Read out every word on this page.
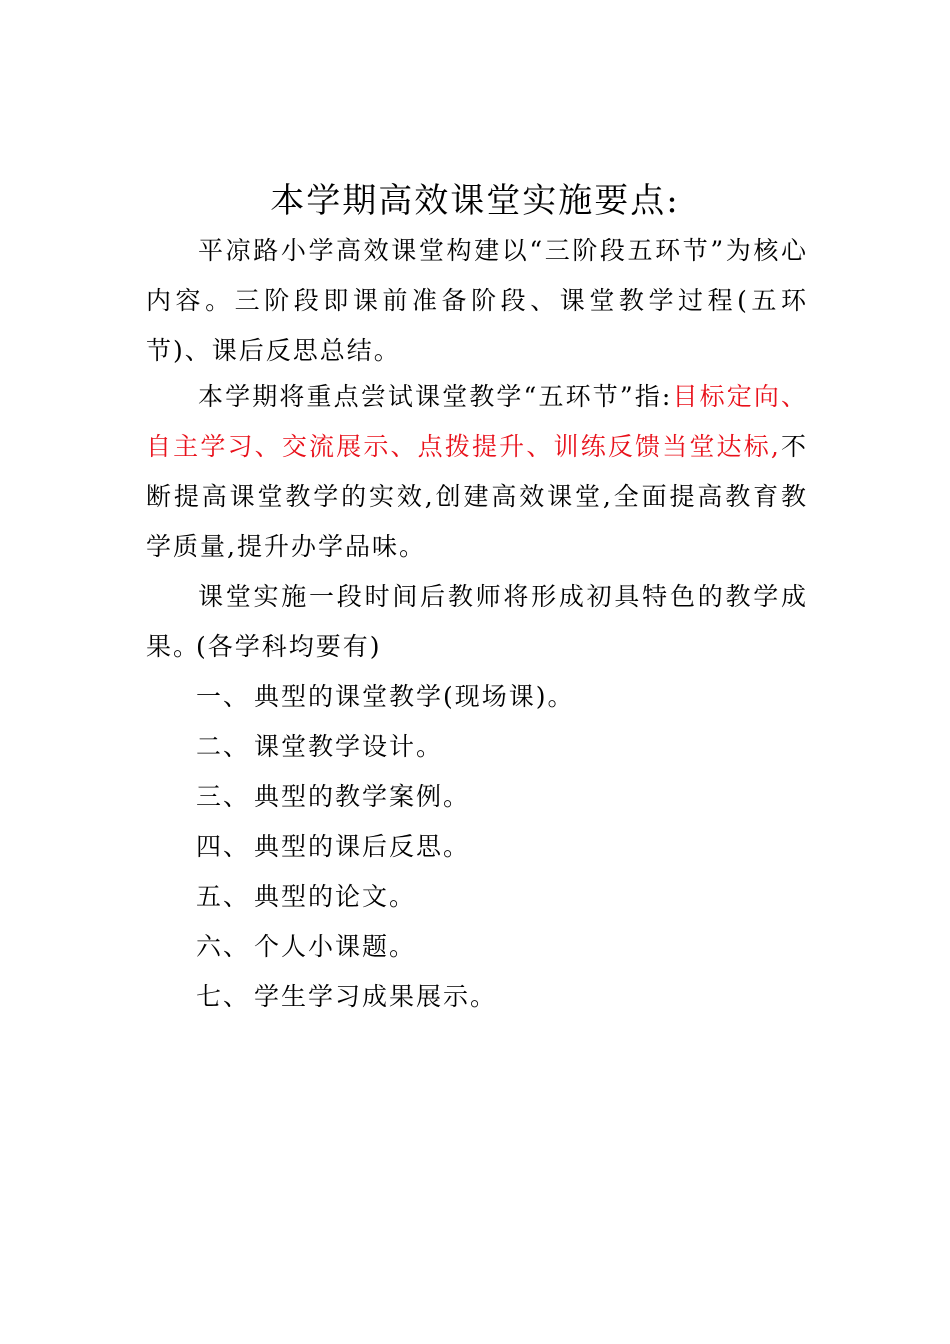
本学期高效课堂实施要点:

平凉路小学高效课堂构建以“三阶段五环节”为核心内容。三阶段即课前准备阶段、课堂教学过程(五环节)、课后反思总结。

本学期将重点尝试课堂教学“五环节”指:目标定向、自主学习、交流展示、点拨提升、训练反馈当堂达标,不断提高课堂教学的实效,创建高效课堂,全面提高教育教学质量,提升办学品味。

课堂实施一段时间后教师将形成初具特色的教学成果。

(各学科均要有)

一、 典型的课堂教学(现场课)。
二、 课堂教学设计。
三、 典型的教学案例。
四、 典型的课后反思。
五、 典型的论文。
六、 个人小课题。
七、 学生学习成果展示。
